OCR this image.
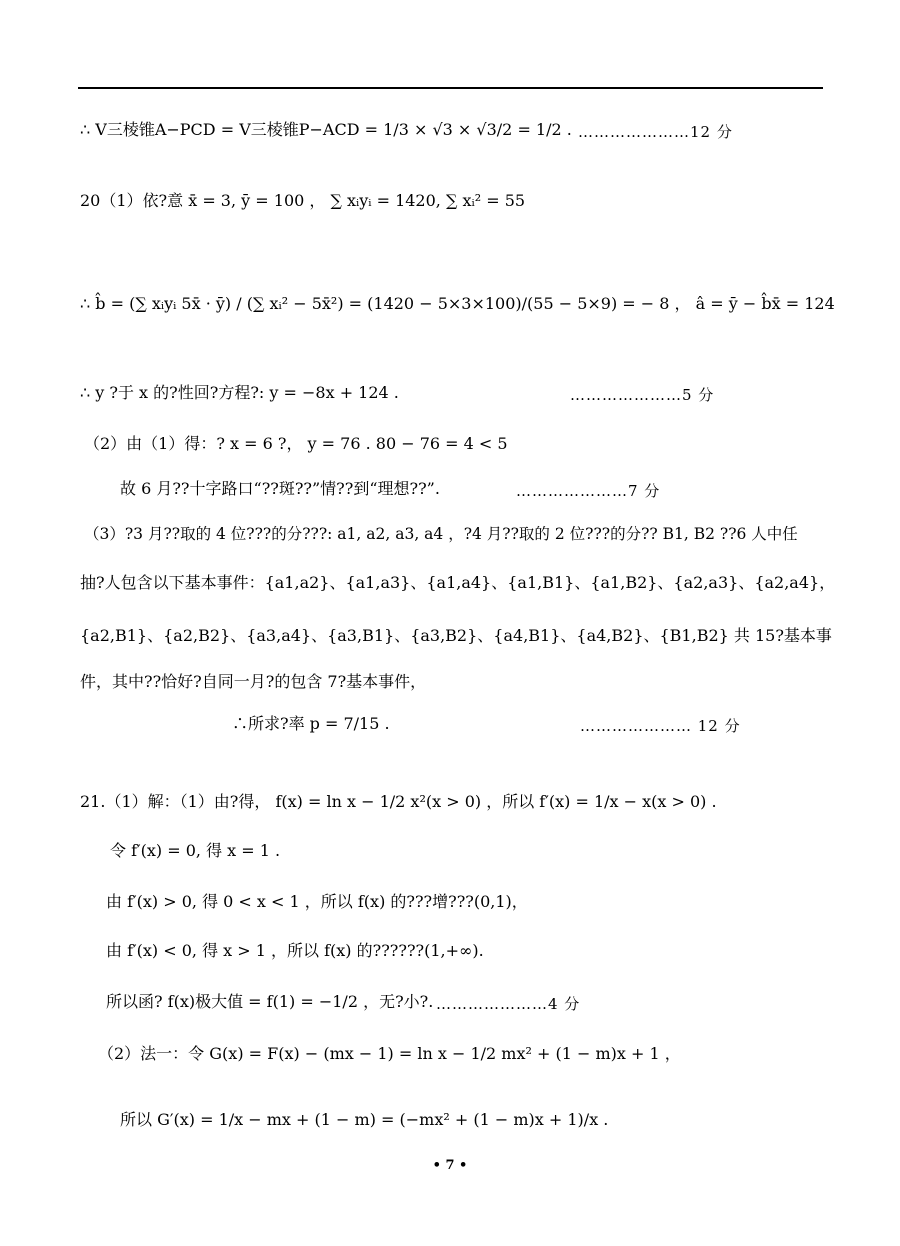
∴ V三棱锥A−PCD = V三棱锥P−ACD = 1/3 × √3 × √3/2 = 1/2 . …………………12 分
20（1）依?意 x̄ = 3, ȳ = 100 ， ∑ xᵢyᵢ = 1420, ∑ xᵢ² = 55
∴ b̂ = (∑ xᵢyᵢ 5x̄ · ȳ) / (∑ xᵢ² − 5x̄²) = (1420 − 5×3×100)/(55 − 5×9) = − 8 ， â = ȳ − b̂x̄ = 124
∴ y ?于 x 的?性回?方程?: y = −8x + 124 .	…………………5 分
（2）由（1）得：? x = 6 ?， y = 76 . 80 − 76 = 4 < 5
故 6 月??十字路口“??斑??”情??到“理想??”.	…………………7 分
（3）?3 月??取的 4 位???的分???: a1, a2, a3, a4 ，?4 月??取的 2 位???的分?? B1, B2 ??6 人中任
抽?人包含以下基本事件：{a1,a2}、{a1,a3}、{a1,a4}、{a1,B1}、{a1,B2}、{a2,a3}、{a2,a4}，
{a2,B1}、{a2,B2}、{a3,a4}、{a3,B1}、{a3,B2}、{a4,B1}、{a4,B2}、{B1,B2} 共 15?基本事
件，其中??恰好?自同一月?的包含 7?基本事件，
∴所求?率 p = 7/15 .	………………… 12 分
21.（1）解：（1）由?得， f(x) = ln x − 1/2 x²(x > 0) ，所以 f′(x) = 1/x − x(x > 0) .
令 f′(x) = 0, 得 x = 1 .
由 f′(x) > 0, 得 0 < x < 1 ，所以 f(x) 的???增???(0,1)，
由 f′(x) < 0, 得 x > 1 ，所以 f(x) 的??????(1,+∞).
所以函? f(x)极大值 = f(1) = −1/2 ，无?小?. …………………4 分
（2）法一：令 G(x) = F(x) − (mx − 1) = ln x − 1/2 mx² + (1 − m)x + 1 ，
所以 G′(x) = 1/x − mx + (1 − m) = (−mx² + (1 − m)x + 1)/x .
• 7 •
